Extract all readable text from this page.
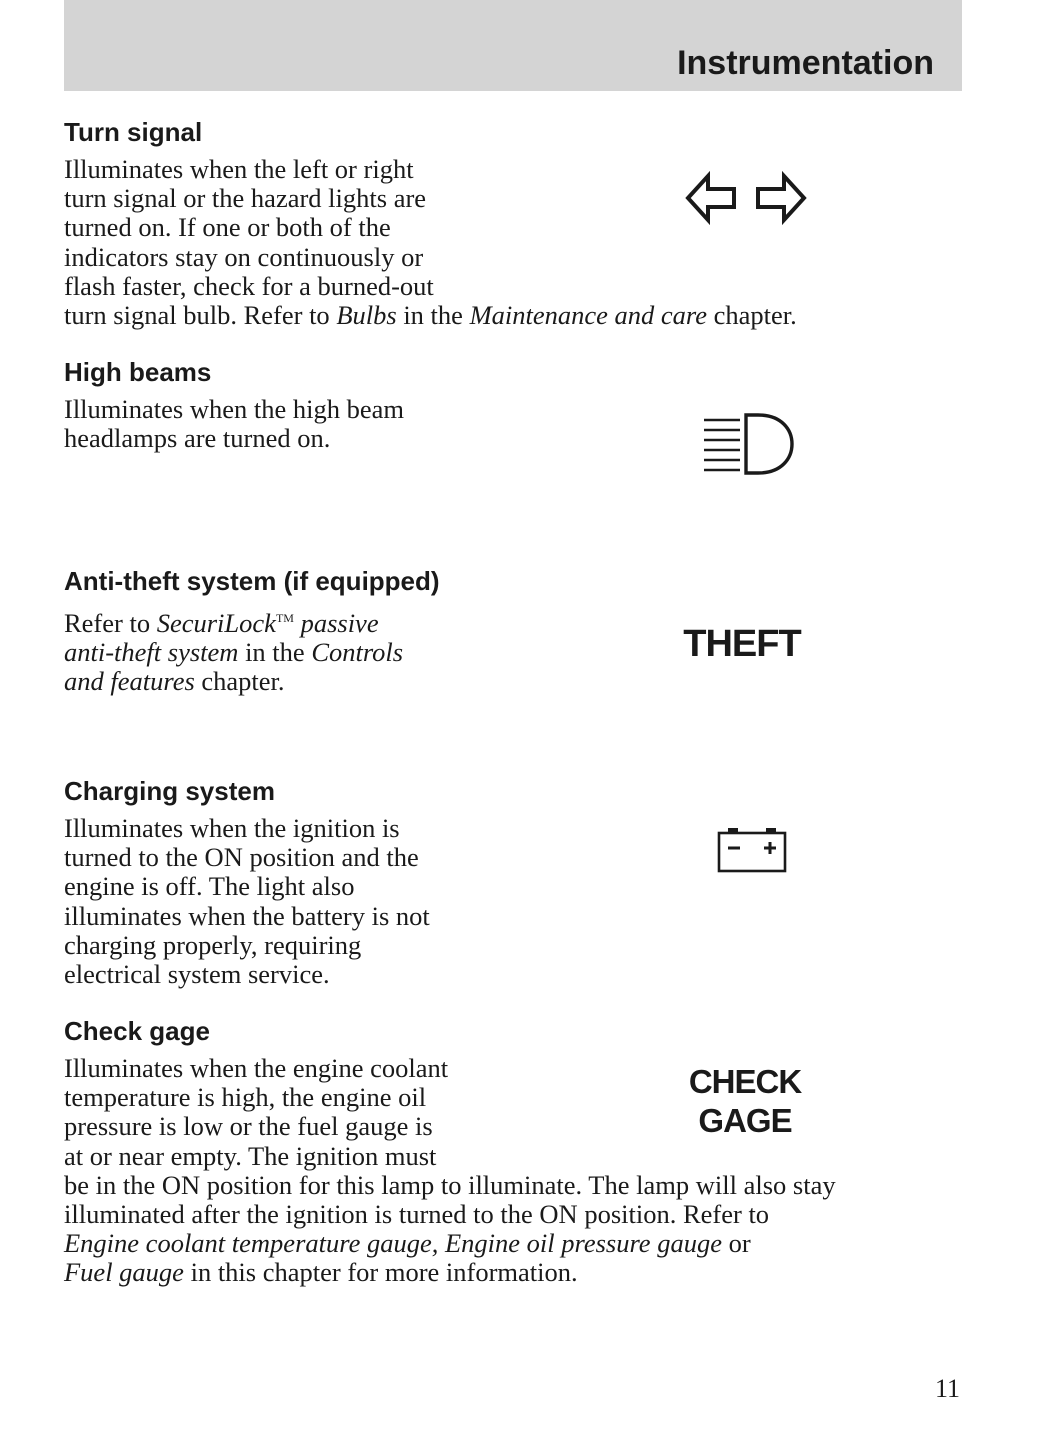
Instrumentation
Turn signal
Illuminates when the left or right
turn signal or the hazard lights are
turned on. If one or both of the
indicators stay on continuously or
flash faster, check for a burned-out
turn signal bulb. Refer to Bulbs in the Maintenance and care chapter.
High beams
Illuminates when the high beam
headlamps are turned on.
Anti-theft system (if equipped)
Refer to SecuriLock™ passive
anti-theft system in the Controls
and features chapter.
THEFT
Charging system
Illuminates when the ignition is
turned to the ON position and the
engine is off. The light also
illuminates when the battery is not
charging properly, requiring
electrical system service.
Check gage
Illuminates when the engine coolant
temperature is high, the engine oil
pressure is low or the fuel gauge is
at or near empty. The ignition must
be in the ON position for this lamp to illuminate. The lamp will also stay
illuminated after the ignition is turned to the ON position. Refer to
Engine coolant temperature gauge, Engine oil pressure gauge or
Fuel gauge in this chapter for more information.
CHECK
GAGE
11
